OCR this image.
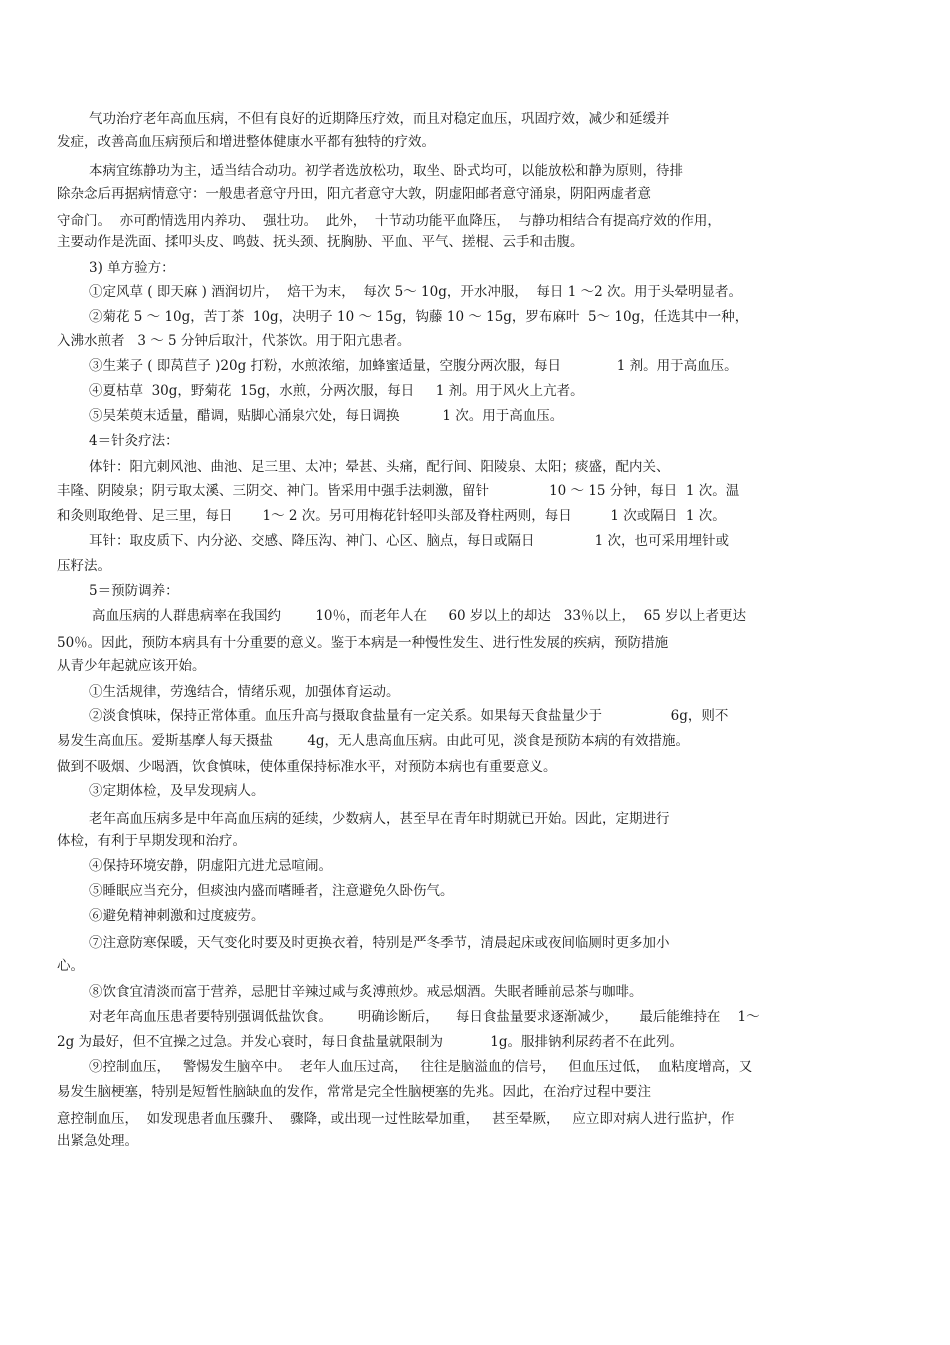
气功治疗老年高血压病，不但有良好的近期降压疗效，而且对稳定血压，巩固疗效，减少和延缓并
发症，改善高血压病预后和增进整体健康水平都有独特的疗效。
本病宜练静功为主，适当结合动功。初学者选放松功，取坐、卧式均可，以能放松和静为原则，待排
除杂念后再据病情意守：一般患者意守丹田，阳亢者意守大敦，阴虚阳邮者意守涌泉，阴阳两虚者意
守命门。  亦可酌情选用内养功、  强壮功。  此外，  十节动功能平血降压，  与静功相结合有提高疗效的作用，
主要动作是洗面、揉叩头皮、鸣鼓、抚头颈、抚胸胁、平血、平气、搓棍、云手和击腹。
3) 单方验方：
①定风草 ( 即天麻 ) 酒润切片，  焙干为末，  每次 5～ 10g，开水冲服，  每日 1 ～2 次。用于头晕明显者。
②菊花 5 ～ 10g，苦丁茶  10g，决明子 10 ～ 15g，钩藤 10 ～ 15g，罗布麻叶  5～ 10g，任选其中一种，
入沸水煎者   3 ～ 5 分钟后取汁，代茶饮。用于阳亢患者。
③生莱子 ( 即莴苣子 )20g 打粉，水煎浓缩，加蜂蜜适量，空腹分两次服，每日             1 剂。用于高血压。
④夏枯草  30g，野菊花  15g，水煎，分两次服，每日     1 剂。用于风火上亢者。
⑤吴茱萸末适量，醋调，贴脚心涌泉穴处，每日调换          1 次。用于高血压。
4＝针灸疗法：
体针：阳亢刺风池、曲池、足三里、太冲；晕甚、头痛，配行间、阳陵泉、太阳；痰盛，配内关、
丰隆、阴陵泉；阴亏取太溪、三阴交、神门。皆采用中强手法刺激，留针              10 ～ 15 分钟，每日  1 次。温
和灸则取绝骨、足三里，每日       1～ 2 次。另可用梅花针轻叩头部及脊柱两则，每日         1 次或隔日  1 次。
耳针：取皮质下、内分泌、交感、降压沟、神门、心区、脑点，每日或隔日              1 次，也可采用埋针或
压籽法。
5＝预防调养：
高血压病的人群患病率在我国约        10％，而老年人在     60 岁以上的却达   33％以上，  65 岁以上者更达
50％。因此，预防本病具有十分重要的意义。鉴于本病是一种慢性发生、进行性发展的疾病，预防措施
从青少年起就应该开始。
①生活规律，劳逸结合，情绪乐观，加强体育运动。
②淡食慎味，保持正常体重。血压升高与摄取食盐量有一定关系。如果每天食盐量少于                6g，则不
易发生高血压。爱斯基摩人每天摄盐        4g，无人患高血压病。由此可见，淡食是预防本病的有效措施。
做到不吸烟、少喝酒，饮食慎味，使体重保持标准水平，对预防本病也有重要意义。
③定期体检，及早发现病人。
老年高血压病多是中年高血压病的延续，少数病人，甚至早在青年时期就已开始。因此，定期进行
体检，有利于早期发现和治疗。
④保持环境安静，阴虚阳亢进尤忌喧闹。
⑤睡眠应当充分，但痰浊内盛而嗜睡者，注意避免久卧伤气。
⑥避免精神刺激和过度疲劳。
⑦注意防寒保暖，天气变化时要及时更换衣着，特别是严冬季节，清晨起床或夜间临厕时更多加小
心。
⑧饮食宜清淡而富于营养，忌肥甘辛辣过咸与炙溥煎炒。戒忌烟酒。失眠者睡前忌茶与咖啡。
对老年高血压患者要特别强调低盐饮食。      明确诊断后，    每日食盐量要求逐渐减少，     最后能维持在    1～
2g 为最好，但不宜操之过急。并发心衰时，每日食盐量就限制为           1g。服排钠利尿药者不在此列。
⑨控制血压，   警惕发生脑卒中。  老年人血压过高，   往往是脑溢血的信号，   但血压过低，  血粘度增高，又
易发生脑梗塞，特别是短暂性脑缺血的发作，常常是完全性脑梗塞的先兆。因此，在治疗过程中要注
意控制血压，  如发现患者血压骤升、  骤降，或出现一过性眩晕加重，   甚至晕厥，   应立即对病人进行监护，作
出紧急处理。
